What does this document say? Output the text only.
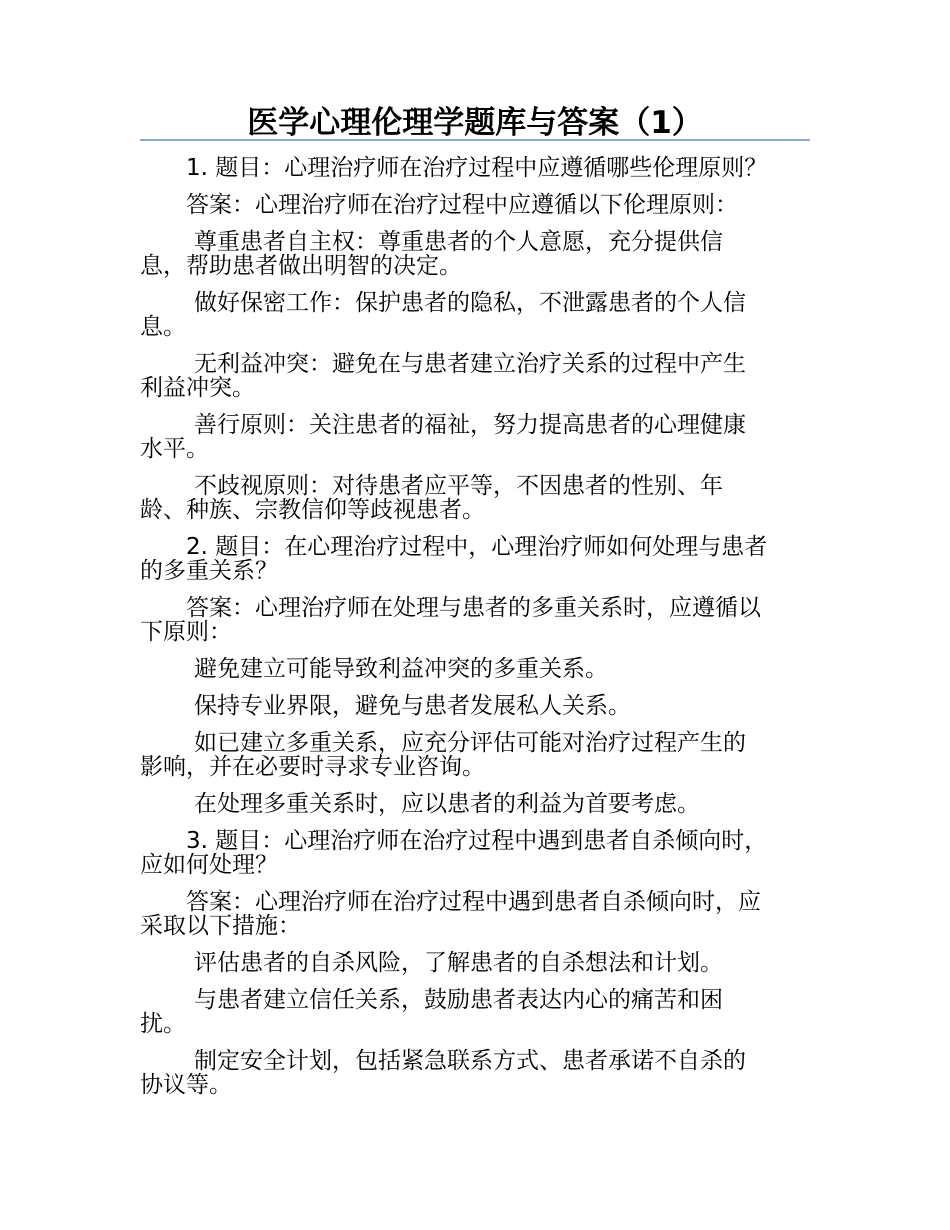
医学心理伦理学题库与答案（1）
1. 题目：心理治疗师在治疗过程中应遵循哪些伦理原则？
答案：心理治疗师在治疗过程中应遵循以下伦理原则：
尊重患者自主权：尊重患者的个人意愿，充分提供信
息，帮助患者做出明智的决定。
做好保密工作：保护患者的隐私，不泄露患者的个人信
息。
无利益冲突：避免在与患者建立治疗关系的过程中产生
利益冲突。
善行原则：关注患者的福祉，努力提高患者的心理健康
水平。
不歧视原则：对待患者应平等，不因患者的性别、年
龄、种族、宗教信仰等歧视患者。
2. 题目：在心理治疗过程中，心理治疗师如何处理与患者
的多重关系？
答案：心理治疗师在处理与患者的多重关系时，应遵循以
下原则：
避免建立可能导致利益冲突的多重关系。
保持专业界限，避免与患者发展私人关系。
如已建立多重关系，应充分评估可能对治疗过程产生的
影响，并在必要时寻求专业咨询。
在处理多重关系时，应以患者的利益为首要考虑。
3. 题目：心理治疗师在治疗过程中遇到患者自杀倾向时，
应如何处理？
答案：心理治疗师在治疗过程中遇到患者自杀倾向时，应
采取以下措施：
评估患者的自杀风险，了解患者的自杀想法和计划。
与患者建立信任关系，鼓励患者表达内心的痛苦和困
扰。
制定安全计划，包括紧急联系方式、患者承诺不自杀的
协议等。
